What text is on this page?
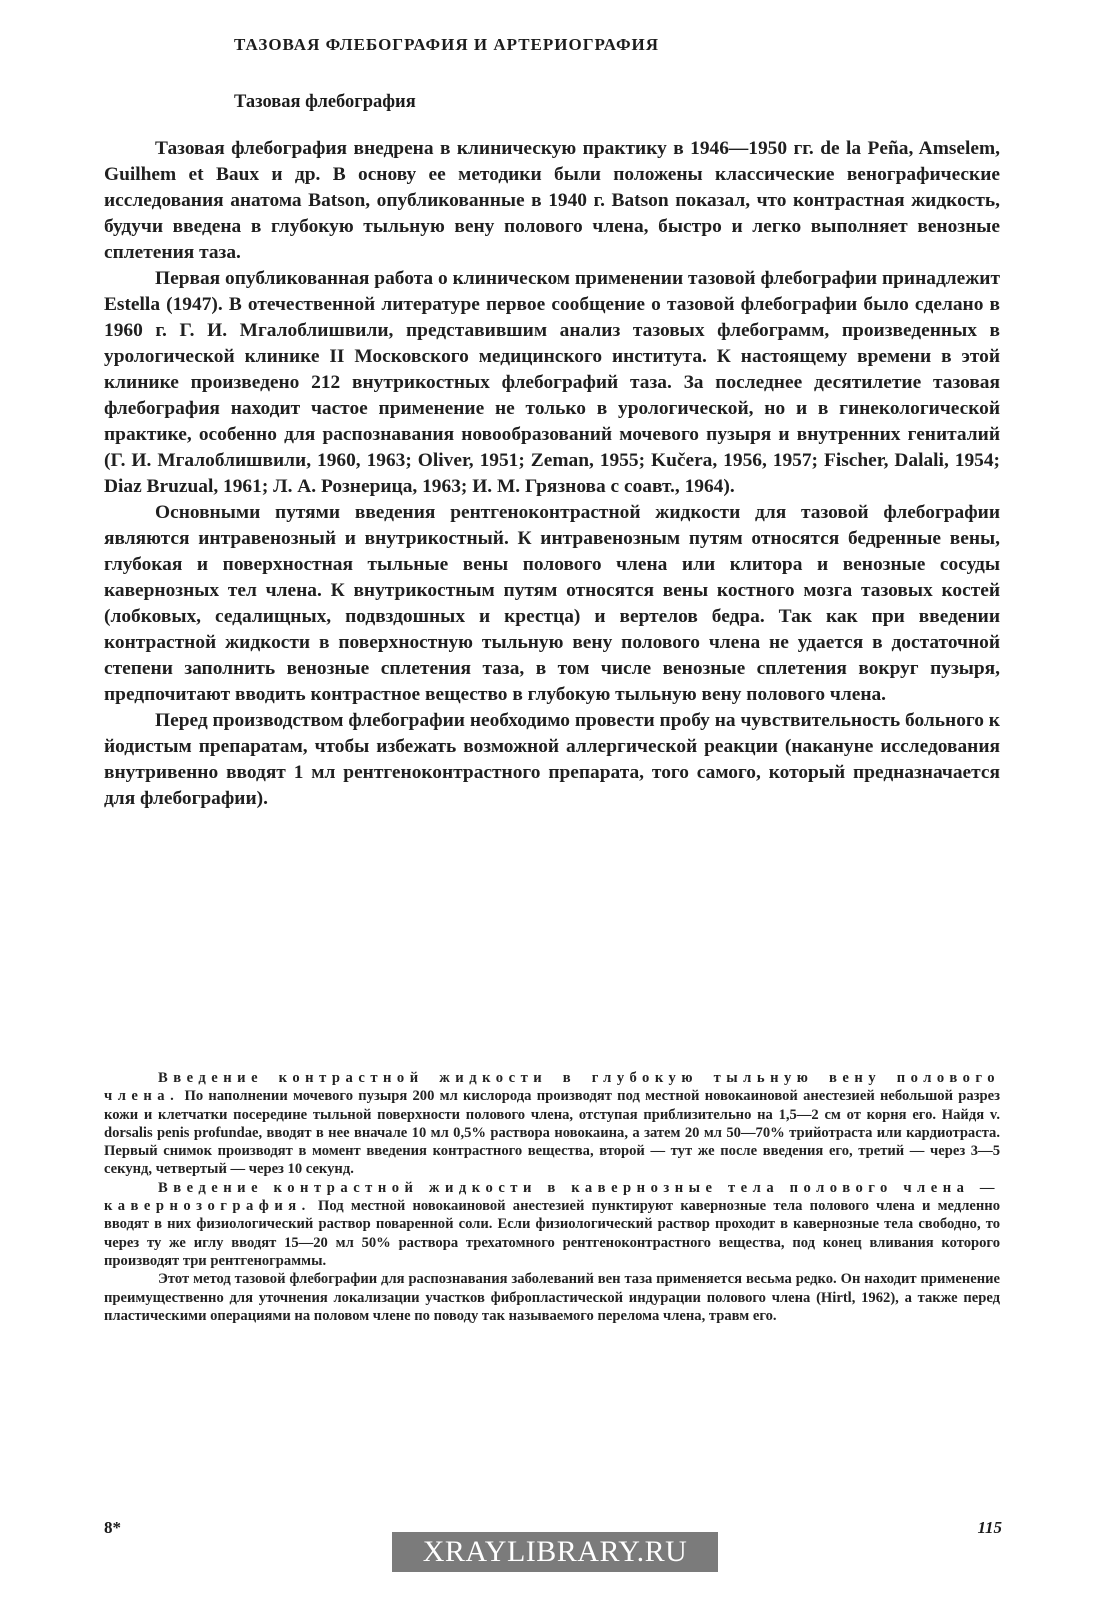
ТАЗОВАЯ ФЛЕБОГРАФИЯ И АРТЕРИОГРАФИЯ
Тазовая флебография

Тазовая флебография внедрена в клиническую практику в 1946—1950 гг. de la Peña, Amselem, Guilhem et Baux и др. В основу ее методики были положены классические венографические исследования анатома Batson, опубликованные в 1940 г. Batson показал, что контрастная жидкость, будучи введена в глубокую тыльную вену полового члена, быстро и легко выполняет венозные сплетения таза.

Первая опубликованная работа о клиническом применении тазовой флебографии принадлежит Estella (1947). В отечественной литературе первое сообщение о тазовой флебографии было сделано в 1960 г. Г. И. Мгалоблишвили, представившим анализ тазовых флебограмм, произведенных в урологической клинике II Московского медицинского института. К настоящему времени в этой клинике произведено 212 внутрикостных флебографий таза. За последнее десятилетие тазовая флебография находит частое применение не только в урологической, но и в гинекологической практике, особенно для распознавания новообразований мочевого пузыря и внутренних гениталий (Г. И. Мгалоблишвили, 1960, 1963; Oliver, 1951; Zeman, 1955; Kučera, 1956, 1957; Fischer, Dalali, 1954; Diaz Bruzual, 1961; Л. А. Рознерица, 1963; И. М. Грязнова с соавт., 1964).

Основными путями введения рентгеноконтрастной жидкости для тазовой флебографии являются интравенозный и внутрикостный. К интравенозным путям относятся бедренные вены, глубокая и поверхностная тыльные вены полового члена или клитора и венозные сосуды кавернозных тел члена. К внутрикостным путям относятся вены костного мозга тазовых костей (лобковых, седалищных, подвздошных и крестца) и вертелов бедра. Так как при введении контрастной жидкости в поверхностную тыльную вену полового члена не удается в достаточной степени заполнить венозные сплетения таза, в том числе венозные сплетения вокруг пузыря, предпочитают вводить контрастное вещество в глубокую тыльную вену полового члена.

Перед производством флебографии необходимо провести пробу на чувствительность больного к йодистым препаратам, чтобы избежать возможной аллергической реакции (накануне исследования внутривенно вводят 1 мл рентгеноконтрастного препарата, того самого, который предназначается для флебографии).

Введение контрастной жидкости в глубокую тыльную вену полового члена. По наполнении мочевого пузыря 200 мл кислорода производят под местной новокаиновой анестезией небольшой разрез кожи и клетчатки посередине тыльной поверхности полового члена, отступая приблизительно на 1,5—2 см от корня его. Найдя v. dorsalis penis profundae, вводят в нее вначале 10 мл 0,5% раствора новокаина, а затем 20 мл 50—70% трийотраста или кардиотраста. Первый снимок производят в момент введения контрастного вещества, второй — тут же после введения его, третий — через 3—5 секунд, четвертый — через 10 секунд.

Введение контрастной жидкости в кавернозные тела полового члена — кавернозография. Под местной новокаиновой анестезией пунктируют кавернозные тела полового члена и медленно вводят в них физиологический раствор поваренной соли. Если физиологический раствор проходит в кавернозные тела свободно, то через ту же иглу вводят 15—20 мл 50% раствора трехатомного рентгеноконтрастного вещества, под конец вливания которого производят три рентгенограммы.

Этот метод тазовой флебографии для распознавания заболеваний вен таза применяется весьма редко. Он находит применение преимущественно для уточнения локализации участков фибропластической индурации полового члена (Hirtl, 1962), а также перед пластическими операциями на половом члене по поводу так называемого перелома члена, травм его.

8*	115
XRAYLIBRARY.RU
